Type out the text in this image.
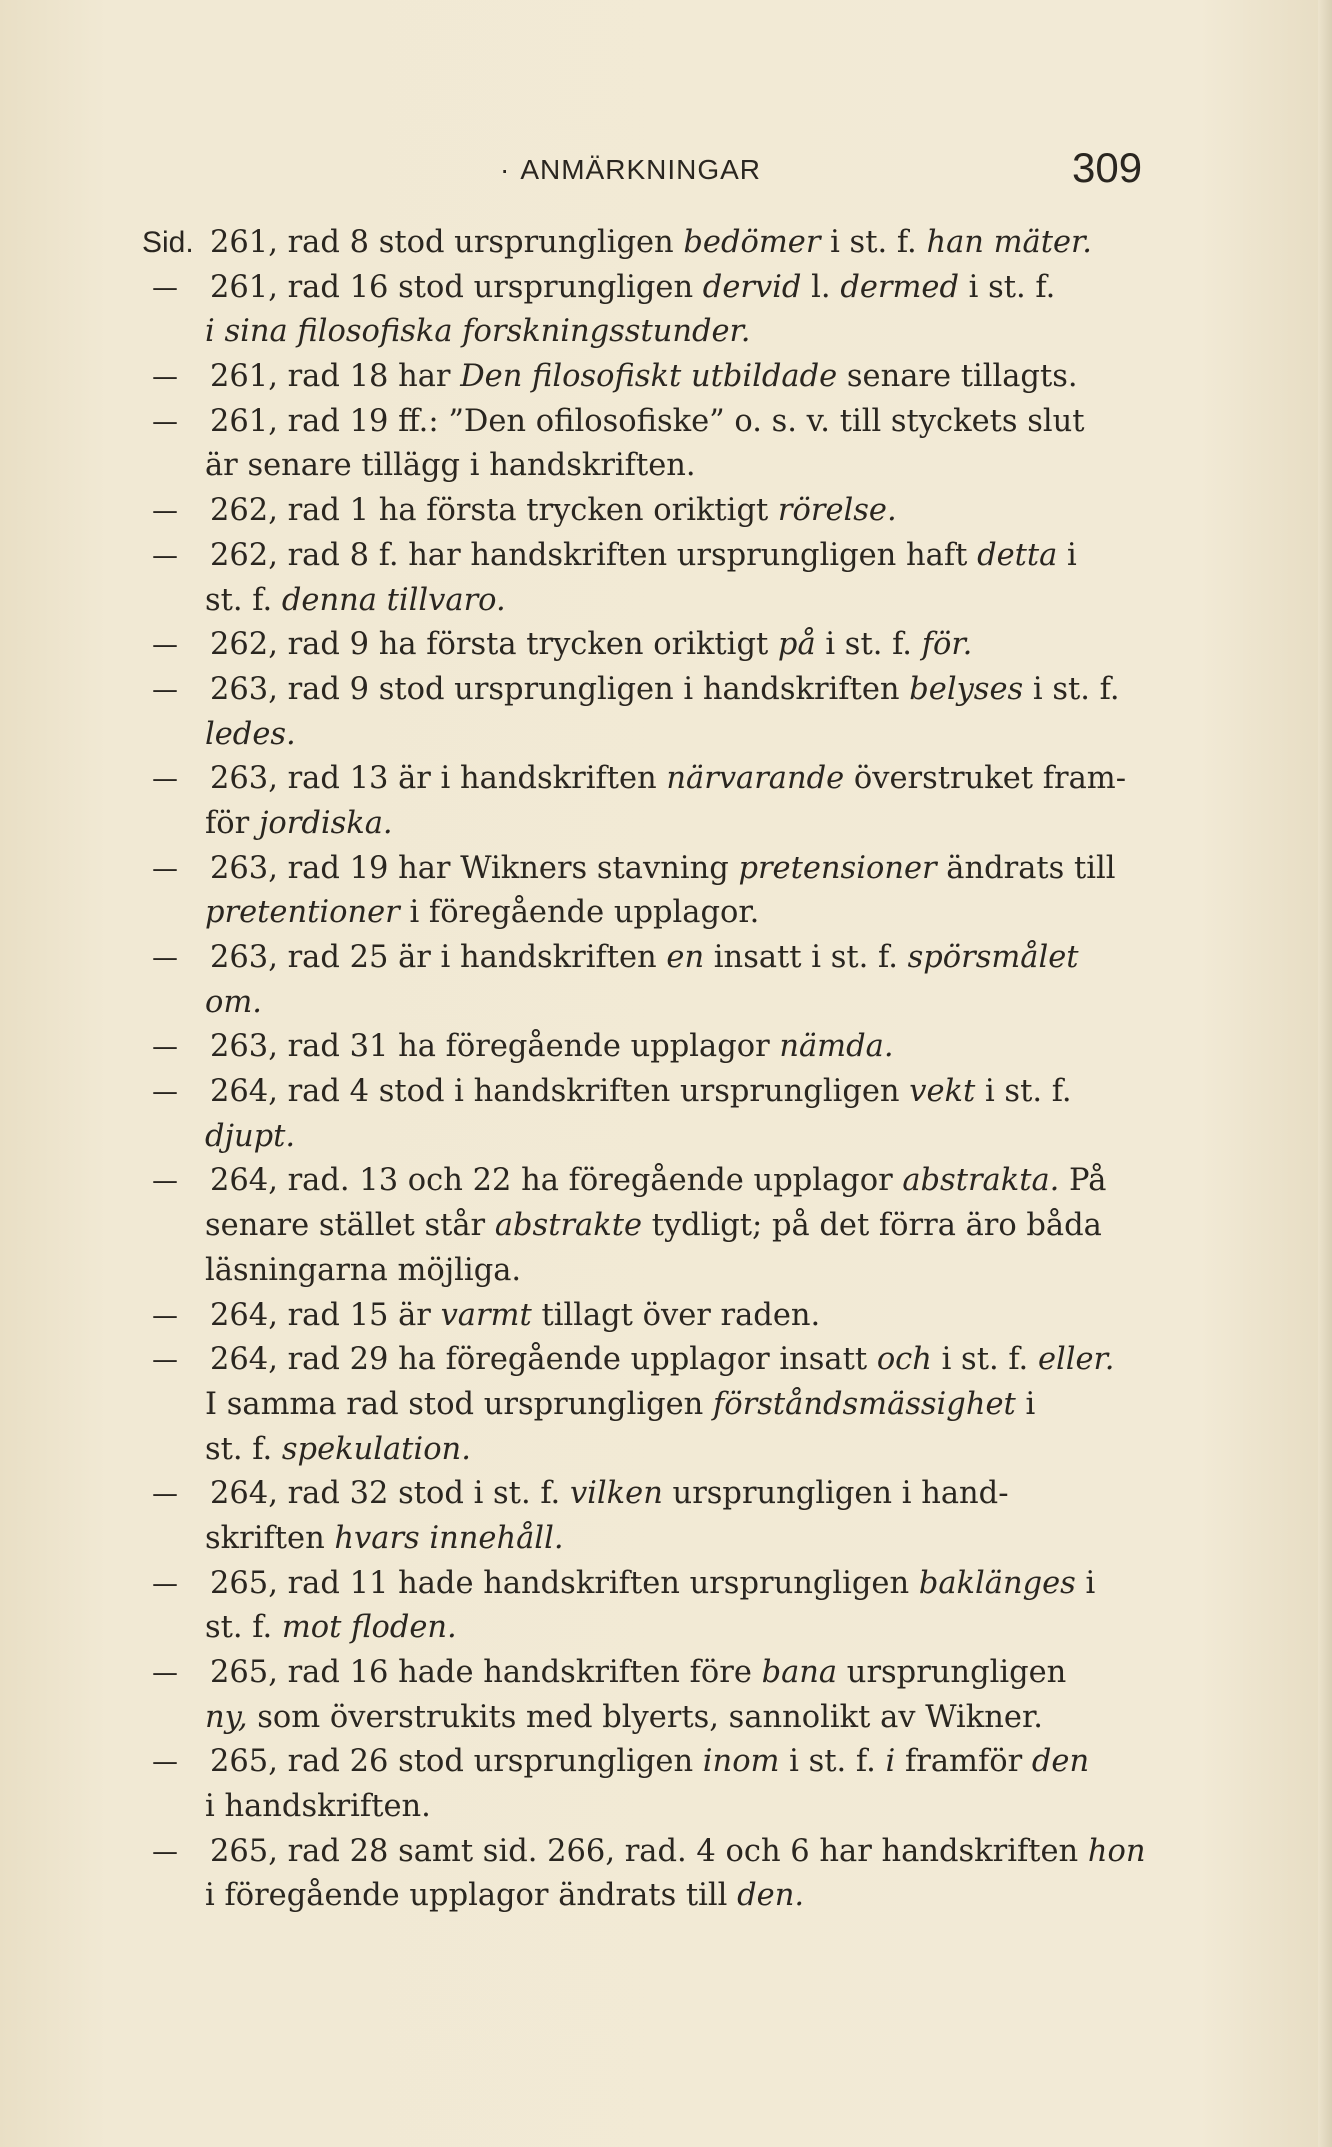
· ANMÄRKNINGAR	309
Sid. 261, rad 8 stod ursprungligen bedömer i st. f. han mäter.
— 261, rad 16 stod ursprungligen dervid l. dermed i st. f.
i sina filosofiska forskningsstunder.
— 261, rad 18 har Den filosofiskt utbildade senare tillagts.
— 261, rad 19 ff.: ”Den ofilosofiske” o. s. v. till styckets slut
är senare tillägg i handskriften.
— 262, rad 1 ha första trycken oriktigt rörelse.
— 262, rad 8 f. har handskriften ursprungligen haft detta i
st. f. denna tillvaro.
— 262, rad 9 ha första trycken oriktigt på i st. f. för.
— 263, rad 9 stod ursprungligen i handskriften belyses i st. f.
ledes.
— 263, rad 13 är i handskriften närvarande överstruket fram-
för jordiska.
— 263, rad 19 har Wikners stavning pretensioner ändrats till
pretentioner i föregående upplagor.
— 263, rad 25 är i handskriften en insatt i st. f. spörsmålet
om.
— 263, rad 31 ha föregående upplagor nämda.
— 264, rad 4 stod i handskriften ursprungligen vekt i st. f.
djupt.
— 264, rad. 13 och 22 ha föregående upplagor abstrakta. På
senare stället står abstrakte tydligt; på det förra äro båda
läsningarna möjliga.
— 264, rad 15 är varmt tillagt över raden.
— 264, rad 29 ha föregående upplagor insatt och i st. f. eller.
I samma rad stod ursprungligen förståndsmässighet i
st. f. spekulation.
— 264, rad 32 stod i st. f. vilken ursprungligen i hand-
skriften hvars innehåll.
— 265, rad 11 hade handskriften ursprungligen baklänges i
st. f. mot floden.
— 265, rad 16 hade handskriften före bana ursprungligen
ny, som överstrukits med blyerts, sannolikt av Wikner.
— 265, rad 26 stod ursprungligen inom i st. f. i framför den
i handskriften.
— 265, rad 28 samt sid. 266, rad. 4 och 6 har handskriften hon
i föregående upplagor ändrats till den.
